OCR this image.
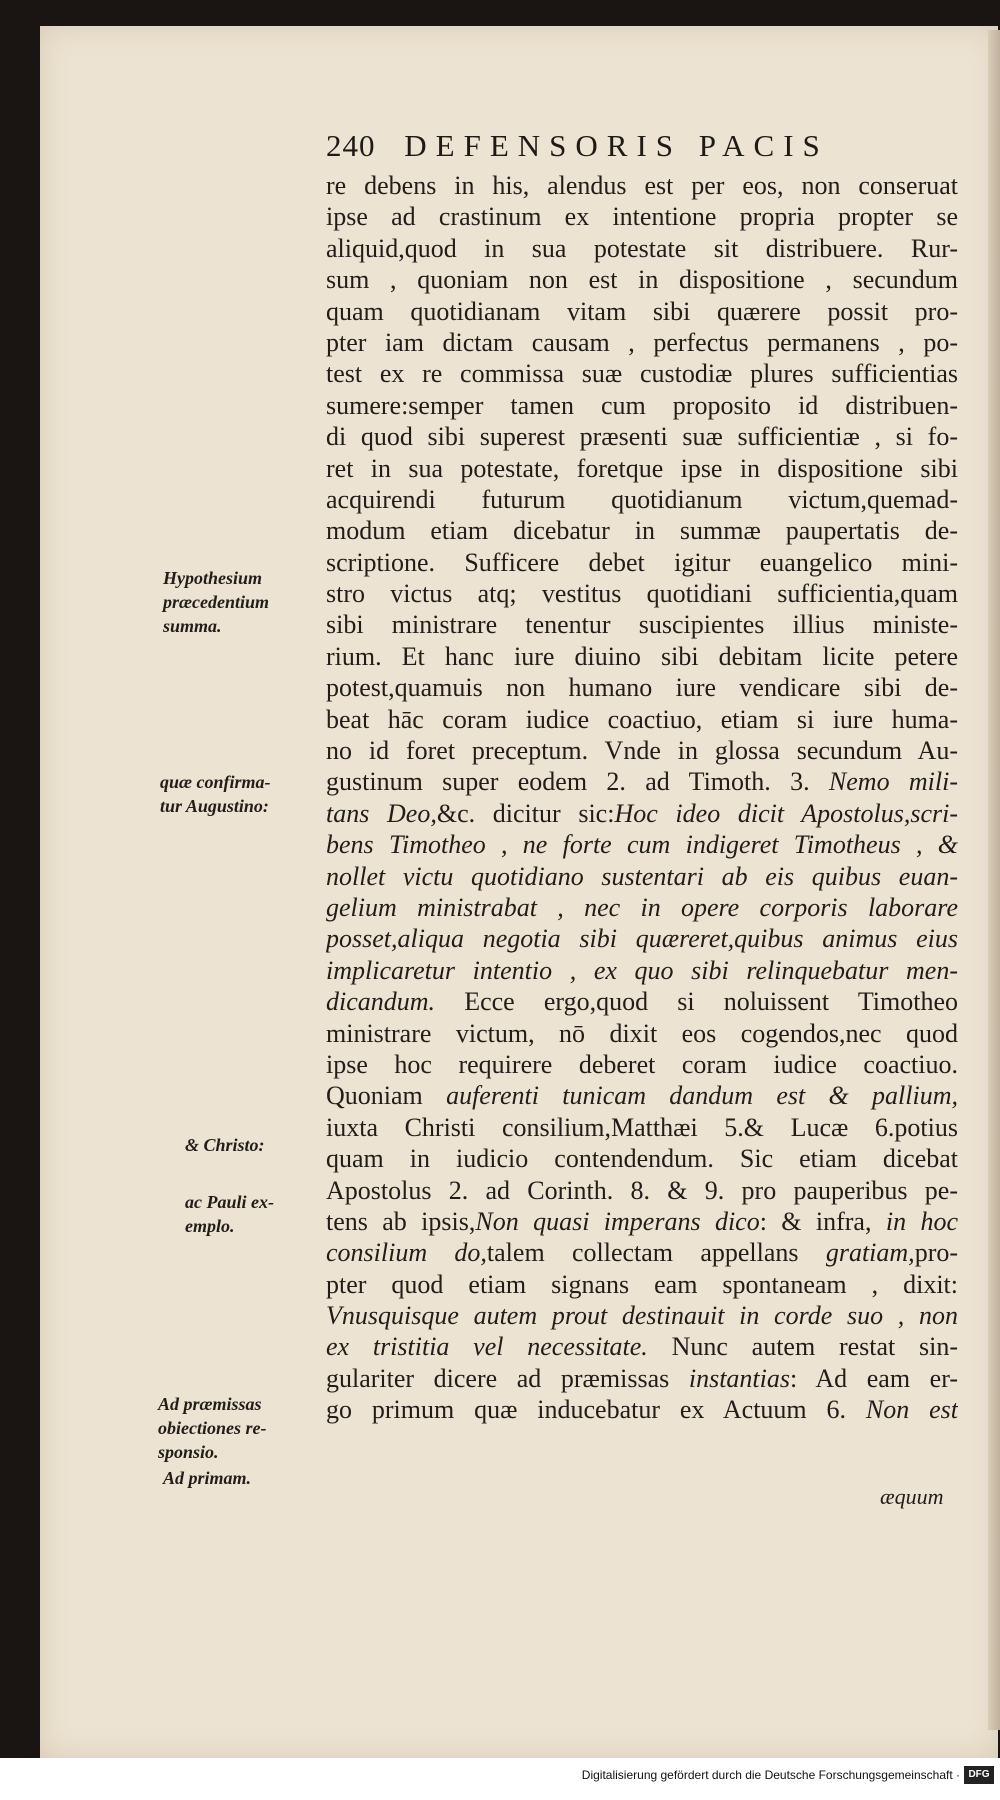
240 DEFENSORIS PACIS
Hypothesium
præcedentium
summa.
quæ confirma-
tur Augustino:
& Christo:
ac Pauli ex-
emplo.
Ad præmissas
obiectiones re-
sponsio.
Ad primam.
re debens in his, alendus est per eos, non conseruat
ipse ad crastinum ex intentione propria propter se
aliquid,quod in sua potestate sit distribuere. Rur-
sum , quoniam non est in dispositione , secundum
quam quotidianam vitam sibi quærere possit pro-
pter iam dictam causam , perfectus permanens , po-
test ex re commissa suæ custodiæ plures sufficientias
sumere:semper tamen cum proposito id distribuen-
di quod sibi superest præsenti suæ sufficientiæ , si fo-
ret in sua potestate, foretque ipse in dispositione sibi
acquirendi futurum quotidianum victum,quemad-
modum etiam dicebatur in summæ paupertatis de-
scriptione. Sufficere debet igitur euangelico mini-
stro victus atq; vestitus quotidiani sufficientia,quam
sibi ministrare tenentur suscipientes illius ministe-
rium. Et hanc iure diuino sibi debitam licite petere
potest,quamuis non humano iure vendicare sibi de-
beat hāc coram iudice coactiuo, etiam si iure huma-
no id foret preceptum. Vnde in glossa secundum Au-
gustinum super eodem 2. ad Timoth. 3. Nemo mili-
tans Deo,&c. dicitur sic:Hoc ideo dicit Apostolus,scri-
bens Timotheo , ne forte cum indigeret Timotheus , &
nollet victu quotidiano sustentari ab eis quibus euan-
gelium ministrabat , nec in opere corporis laborare
posset,aliqua negotia sibi quæreret,quibus animus eius
implicaretur intentio , ex quo sibi relinquebatur men-
dicandum. Ecce ergo,quod si noluissent Timotheo
ministrare victum, nō dixit eos cogendos,nec quod
ipse hoc requirere deberet coram iudice coactiuo.
Quoniam auferenti tunicam dandum est & pallium,
iuxta Christi consilium,Matthæi 5.& Lucæ 6.potius
quam in iudicio contendendum. Sic etiam dicebat
Apostolus 2. ad Corinth. 8. & 9. pro pauperibus pe-
tens ab ipsis,Non quasi imperans dico: & infra, in hoc
consilium do,talem collectam appellans gratiam,pro-
pter quod etiam signans eam spontaneam , dixit:
Vnusquisque autem prout destinauit in corde suo , non
ex tristitia vel necessitate. Nunc autem restat sin-
gulariter dicere ad præmissas instantias: Ad eam er-
go primum quæ inducebatur ex Actuum 6. Non est
æquum
Digitalisierung gefördert durch die Deutsche Forschungsgemeinschaft · DFG
